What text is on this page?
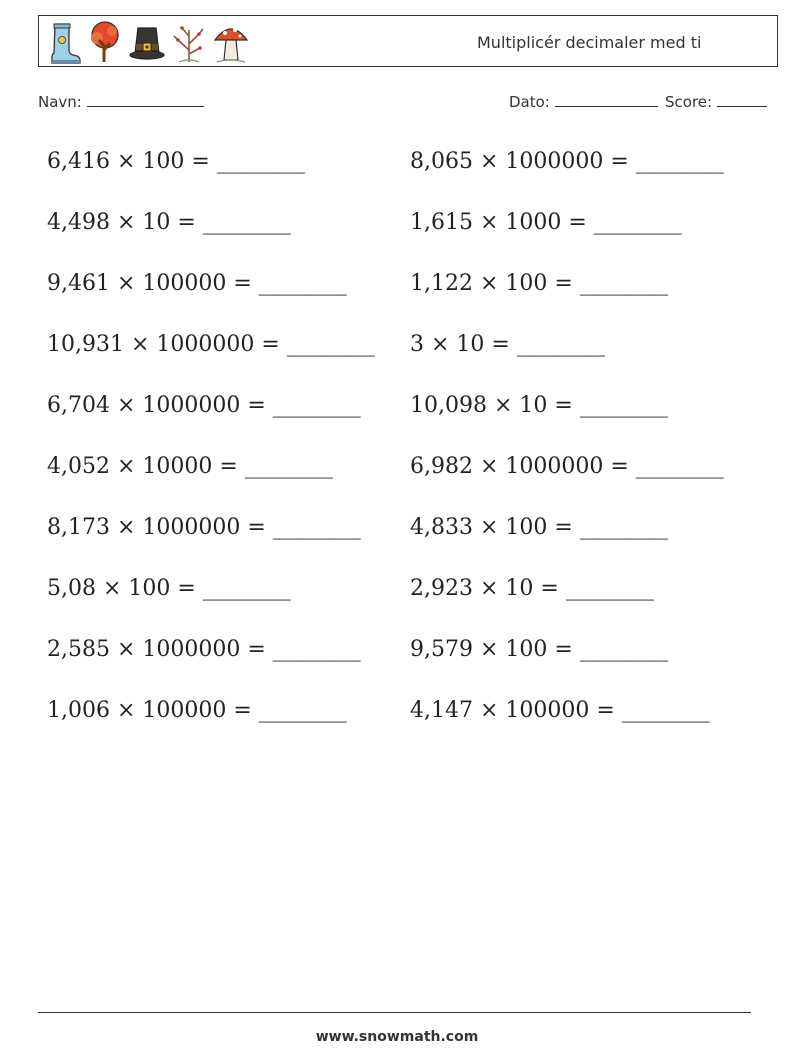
Multiplicér decimaler med ti
Navn:	Dato:	Score:
6,416 × 100 = ________
4,498 × 10 = ________
9,461 × 100000 = ________
10,931 × 1000000 = ________
6,704 × 1000000 = ________
4,052 × 10000 = ________
8,173 × 1000000 = ________
5,08 × 100 = ________
2,585 × 1000000 = ________
1,006 × 100000 = ________
8,065 × 1000000 = ________
1,615 × 1000 = ________
1,122 × 100 = ________
3 × 10 = ________
10,098 × 10 = ________
6,982 × 1000000 = ________
4,833 × 100 = ________
2,923 × 10 = ________
9,579 × 100 = ________
4,147 × 100000 = ________
www.snowmath.com
